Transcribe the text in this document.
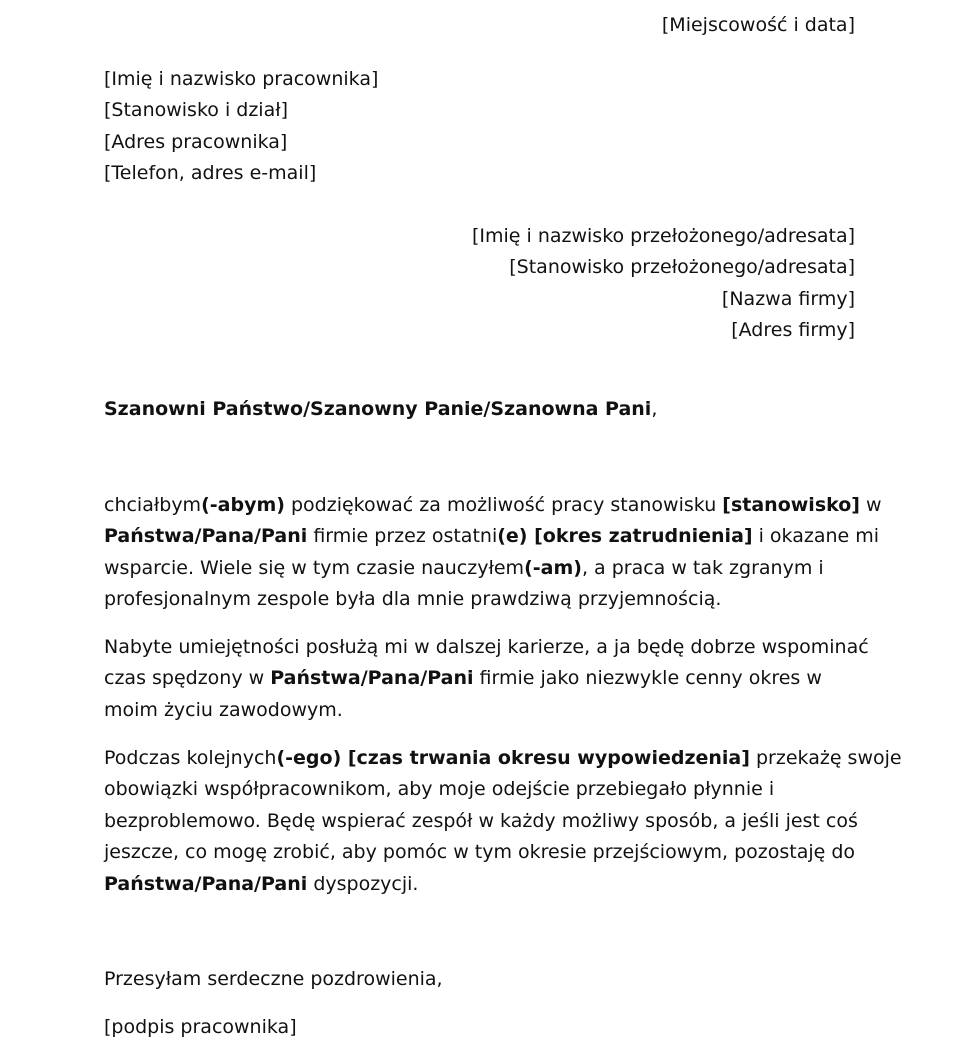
[Miejscowość i data]
[Imię i nazwisko pracownika]
[Stanowisko i dział]
[Adres pracownika]
[Telefon, adres e-mail]
[Imię i nazwisko przełożonego/adresata]
[Stanowisko przełożonego/adresata]
[Nazwa firmy]
[Adres firmy]
Szanowni Państwo/Szanowny Panie/Szanowna Pani,
chciałbym(-abym) podziękować za możliwość pracy stanowisku [stanowisko] w
Państwa/Pana/Pani firmie przez ostatni(e) [okres zatrudnienia] i okazane mi
wsparcie. Wiele się w tym czasie nauczyłem(-am), a praca w tak zgranym i
profesjonalnym zespole była dla mnie prawdziwą przyjemnością.
Nabyte umiejętności posłużą mi w dalszej karierze, a ja będę dobrze wspominać
czas spędzony w Państwa/Pana/Pani firmie jako niezwykle cenny okres w
moim życiu zawodowym.
Podczas kolejnych(-ego) [czas trwania okresu wypowiedzenia] przekażę swoje
obowiązki współpracownikom, aby moje odejście przebiegało płynnie i
bezproblemowo. Będę wspierać zespół w każdy możliwy sposób, a jeśli jest coś
jeszcze, co mogę zrobić, aby pomóc w tym okresie przejściowym, pozostaję do
Państwa/Pana/Pani dyspozycji.
Przesyłam serdeczne pozdrowienia,
[podpis pracownika]
